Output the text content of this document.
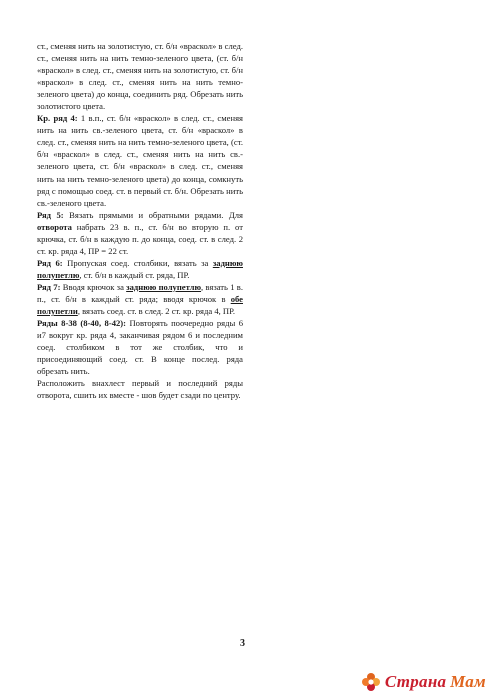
ст., сменяя нить на золотистую, ст. б/н «враскол» в след. ст., сменяя нить на нить темно-зеленого цвета, (ст. б/н «враскол» в след. ст., сменяя нить на золотистую, ст. б/н «враскол» в след. ст., сменяя нить на нить темно-зеленого цвета) до конца, соединить ряд. Обрезать нить золотистого цвета.

Кр. ряд 4: 1 в.п., ст. б/н «враскол» в след. ст., сменяя нить на нить св.-зеленого цвета, ст. б/н «враскол» в след. ст., сменяя нить на нить темно-зеленого цвета, (ст. б/н «враскол» в след. ст., сменяя нить на нить св.-зеленого цвета, ст. б/н «враскол» в след. ст., сменяя нить на нить темно-зеленого цвета) до конца, сомкнуть ряд с помощью соед. ст. в первый ст. б/н. Обрезать нить св.-зеленого цвета.

Ряд 5: Вязать прямыми и обратными рядами. Для отворота набрать 23 в. п., ст. б/н во вторую п. от крючка, ст. б/н в каждую п. до конца, соед. ст. в след. 2 ст. кр. ряда 4, ПР = 22 ст.

Ряд 6: Пропуская соед. столбики, вязать за заднюю полупетлю, ст. б/н в каждый ст. ряда, ПР.

Ряд 7: Вводя крючок за заднюю полупетлю, вязать 1 в. п., ст. б/н в каждый ст. ряда; вводя крючок в обе полупетли, вязать соед. ст. в след. 2 ст. кр. ряда 4, ПР.

Ряды 8-38 (8-40, 8-42): Повторять поочередно ряды 6 и7 вокруг кр. ряда 4, заканчивая рядом 6 и последним соед. столбиком в тот же столбик, что и присоединяющий соед. ст. В конце послед. ряда обрезать нить.

Расположить внахлест первый и последний ряды отворота, сшить их вместе - шов будет сзади по центру.

3
Страна  Мам
